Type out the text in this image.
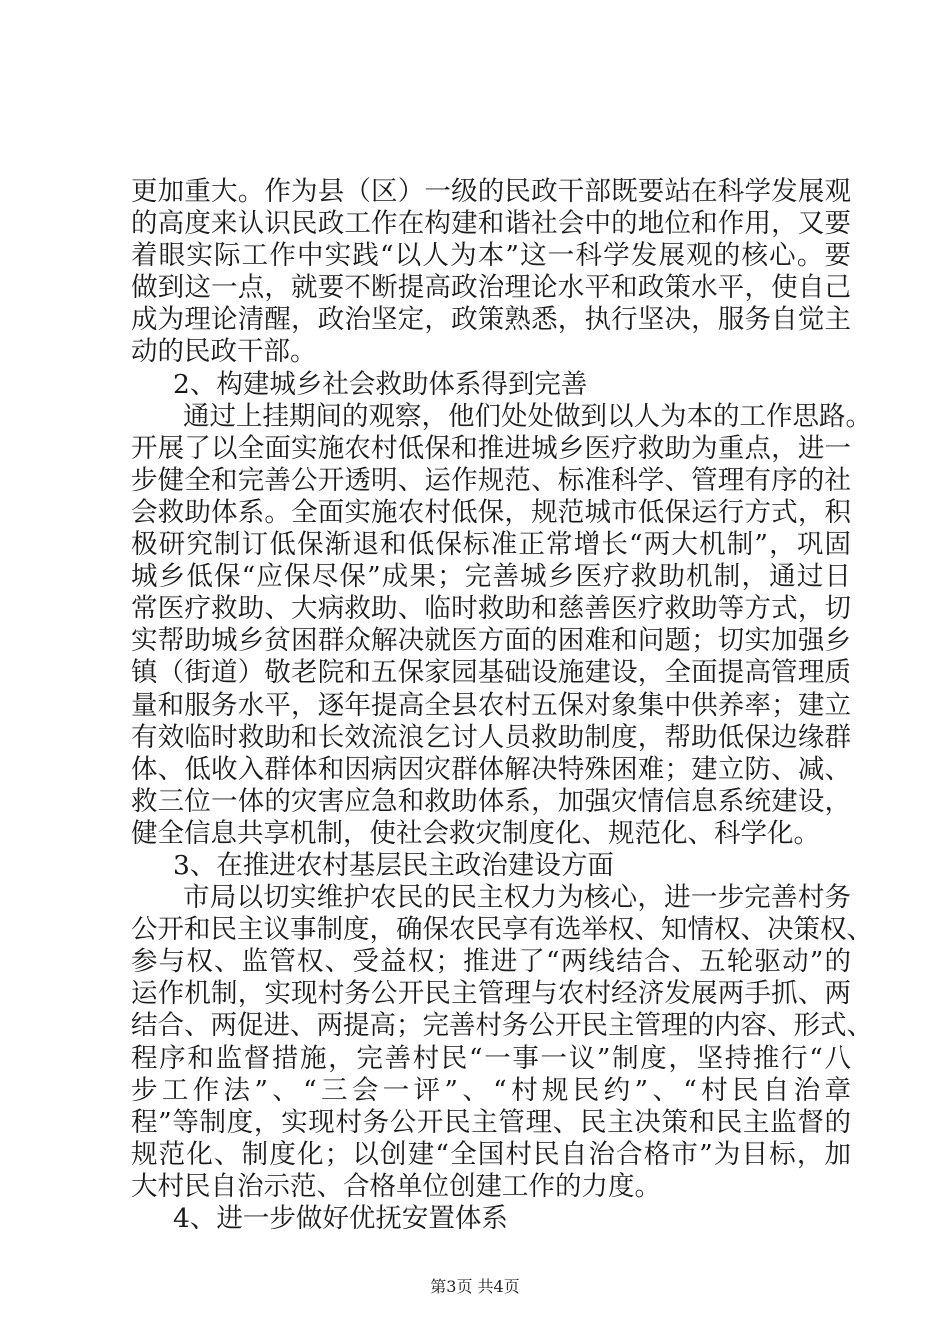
更加重大。作为县（区）一级的民政干部既要站在科学发展观
的高度来认识民政工作在构建和谐社会中的地位和作用，又要
着眼实际工作中实践“以人为本”这一科学发展观的核心。要
做到这一点，就要不断提高政治理论水平和政策水平，使自己
成为理论清醒，政治坚定，政策熟悉，执行坚决，服务自觉主
动的民政干部。
2、构建城乡社会救助体系得到完善
通过上挂期间的观察，他们处处做到以人为本的工作思路。
开展了以全面实施农村低保和推进城乡医疗救助为重点，进一
步健全和完善公开透明、运作规范、标准科学、管理有序的社
会救助体系。全面实施农村低保，规范城市低保运行方式，积
极研究制订低保渐退和低保标准正常增长“两大机制”，巩固
城乡低保“应保尽保”成果；完善城乡医疗救助机制，通过日
常医疗救助、大病救助、临时救助和慈善医疗救助等方式，切
实帮助城乡贫困群众解决就医方面的困难和问题；切实加强乡
镇（街道）敬老院和五保家园基础设施建设，全面提高管理质
量和服务水平，逐年提高全县农村五保对象集中供养率；建立
有效临时救助和长效流浪乞讨人员救助制度，帮助低保边缘群
体、低收入群体和因病因灾群体解决特殊困难；建立防、减、
救三位一体的灾害应急和救助体系，加强灾情信息系统建设，
健全信息共享机制，使社会救灾制度化、规范化、科学化。
3、在推进农村基层民主政治建设方面
市局以切实维护农民的民主权力为核心，进一步完善村务
公开和民主议事制度，确保农民享有选举权、知情权、决策权、
参与权、监管权、受益权；推进了“两线结合、五轮驱动”的
运作机制，实现村务公开民主管理与农村经济发展两手抓、两
结合、两促进、两提高；完善村务公开民主管理的内容、形式、
程序和监督措施，完善村民“一事一议”制度，坚持推行“八
步工作法”、“三会一评”、“村规民约”、“村民自治章
程”等制度，实现村务公开民主管理、民主决策和民主监督的
规范化、制度化；以创建“全国村民自治合格市”为目标，加
大村民自治示范、合格单位创建工作的力度。
4、进一步做好优抚安置体系
第3页 共4页
